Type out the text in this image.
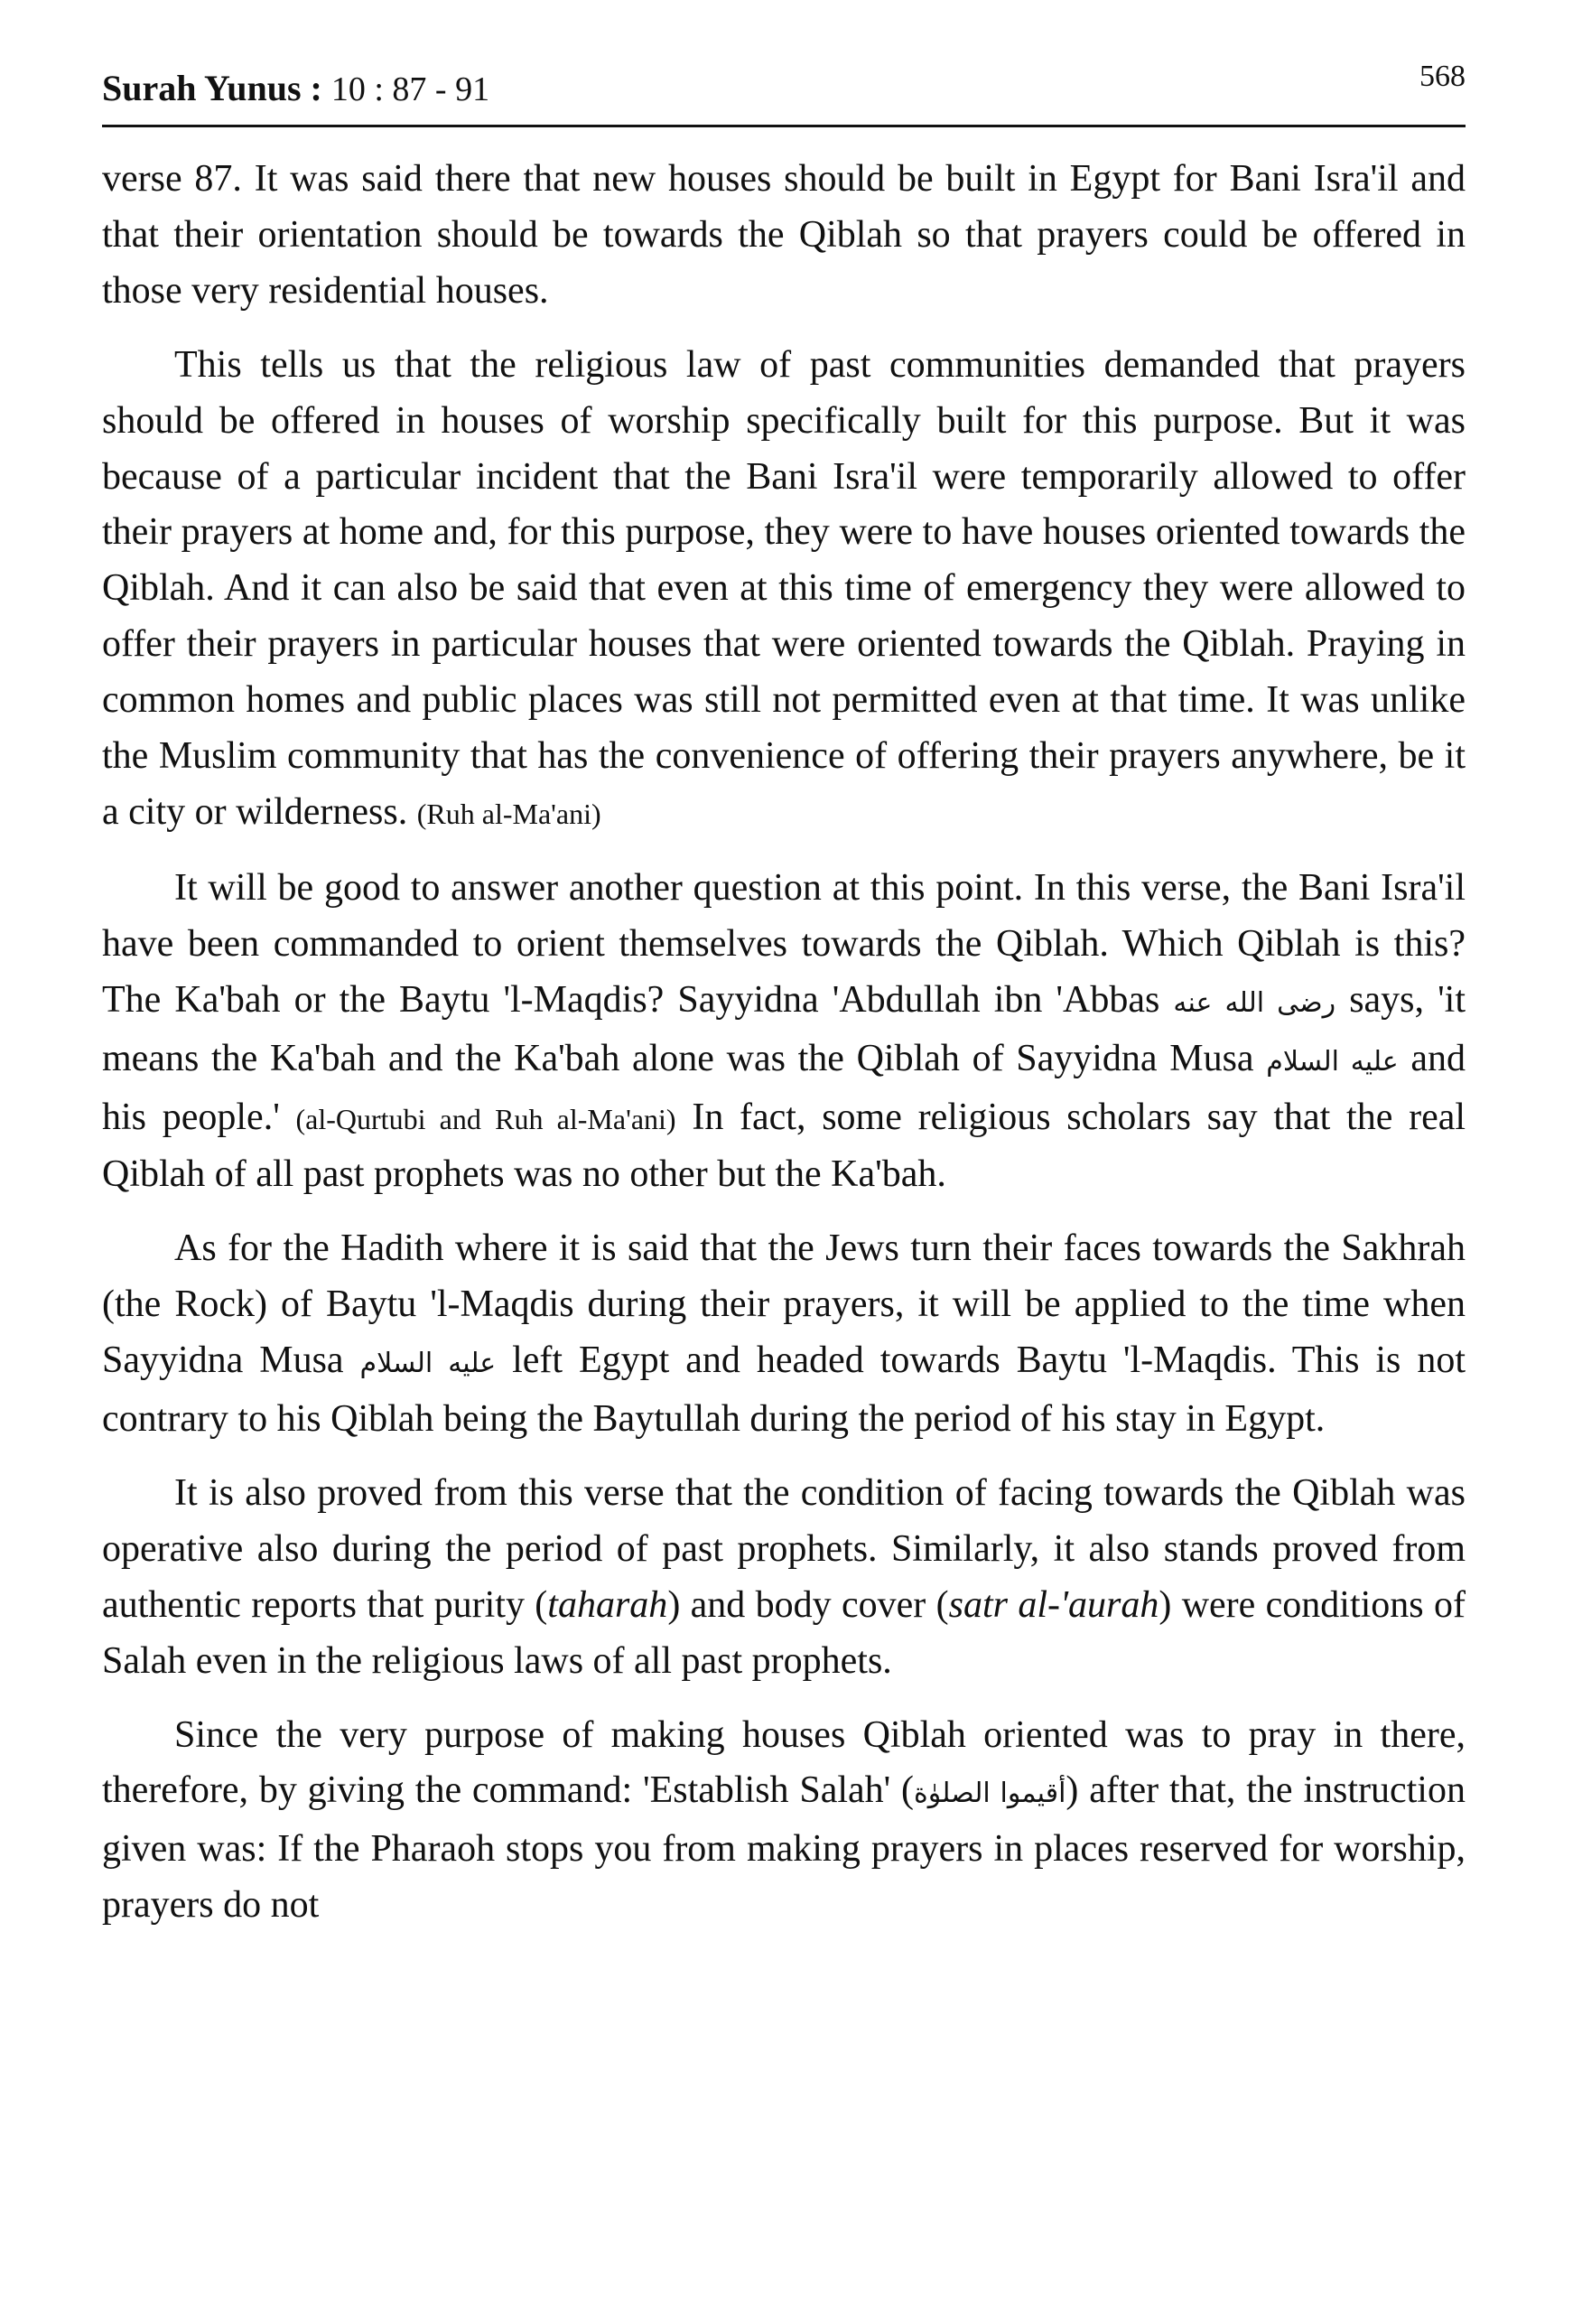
Surah Yunus : 10 : 87 - 91	568

verse 87. It was said there that new houses should be built in Egypt for Bani Isra'il and that their orientation should be towards the Qiblah so that prayers could be offered in those very residential houses.

This tells us that the religious law of past communities demanded that prayers should be offered in houses of worship specifically built for this purpose. But it was because of a particular incident that the Bani Isra'il were temporarily allowed to offer their prayers at home and, for this purpose, they were to have houses oriented towards the Qiblah. And it can also be said that even at this time of emergency they were allowed to offer their prayers in particular houses that were oriented towards the Qiblah. Praying in common homes and public places was still not permitted even at that time. It was unlike the Muslim community that has the convenience of offering their prayers anywhere, be it a city or wilderness. (Ruh al-Ma'ani)

It will be good to answer another question at this point. In this verse, the Bani Isra'il have been commanded to orient themselves towards the Qiblah. Which Qiblah is this? The Ka'bah or the Baytu 'l-Maqdis? Sayyidna 'Abdullah ibn 'Abbas رضى الله عنه says, 'it means the Ka'bah and the Ka'bah alone was the Qiblah of Sayyidna Musa عليه السلام and his people.' (al-Qurtubi and Ruh al-Ma'ani) In fact, some religious scholars say that the real Qiblah of all past prophets was no other but the Ka'bah.

As for the Hadith where it is said that the Jews turn their faces towards the Sakhrah (the Rock) of Baytu 'l-Maqdis during their prayers, it will be applied to the time when Sayyidna Musa عليه السلام left Egypt and headed towards Baytu 'l-Maqdis. This is not contrary to his Qiblah being the Baytullah during the period of his stay in Egypt.

It is also proved from this verse that the condition of facing towards the Qiblah was operative also during the period of past prophets. Similarly, it also stands proved from authentic reports that purity (taharah) and body cover (satr al-'aurah) were conditions of Salah even in the religious laws of all past prophets.

Since the very purpose of making houses Qiblah oriented was to pray in there, therefore, by giving the command: 'Establish Salah' (أقيموا الصلوٰة) after that, the instruction given was: If the Pharaoh stops you from making prayers in places reserved for worship, prayers do not
